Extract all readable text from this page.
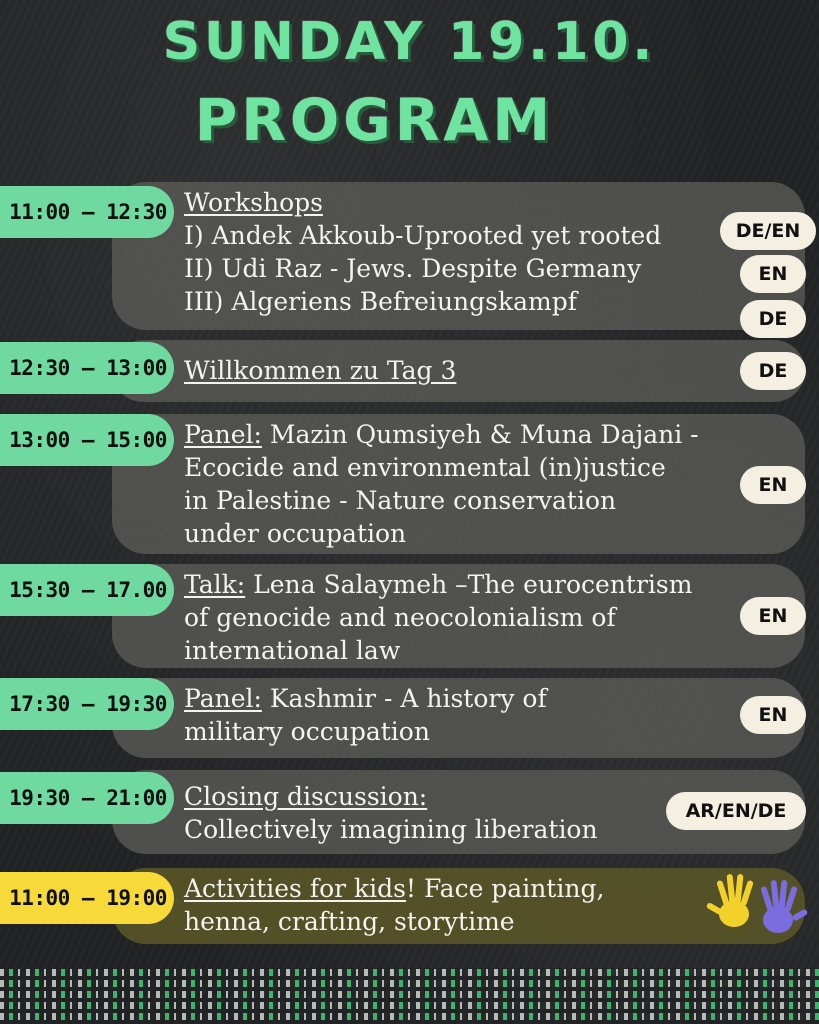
SUNDAY 19.10.
PROGRAM
11:00 – 12:30 Workshops
I) Andek Akkoub-Uprooted yet rooted
II) Udi Raz - Jews. Despite Germany
III) Algeriens Befreiungskampf
DE/EN
EN
DE
12:30 – 13:00 Willkommen zu Tag 3	DE
13:00 – 15:00 Panel: Mazin Qumsiyeh & Muna Dajani -
Ecocide and environmental (in)justice
in Palestine - Nature conservation
under occupation
EN
15:30 – 17.00 Talk: Lena Salaymeh –The eurocentrism
of genocide and neocolonialism of
international law
EN
17:30 – 19:30 Panel: Kashmir - A history of
military occupation
EN
19:30 – 21:00 Closing discussion:
Collectively imagining liberation
AR/EN/DE
11:00 – 19:00 Activities for kids! Face painting,
henna, crafting, storytime
